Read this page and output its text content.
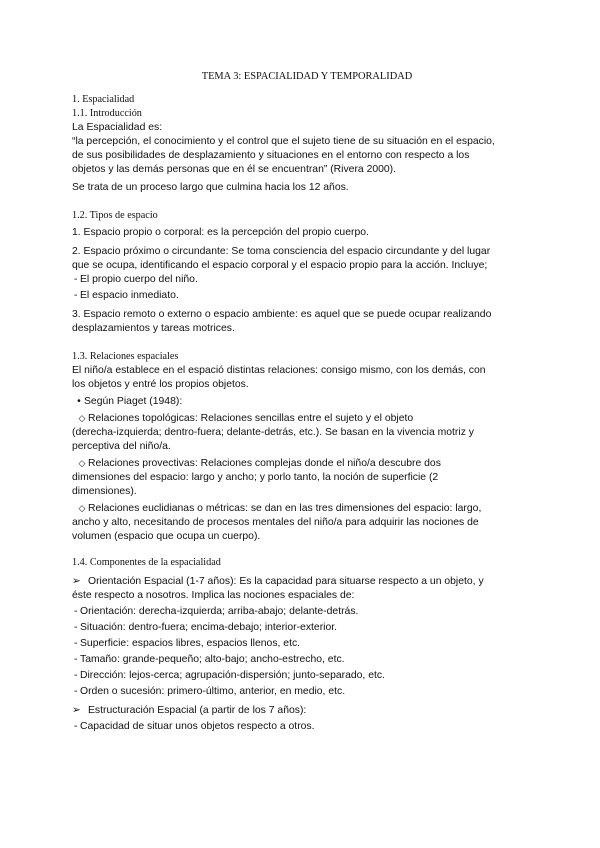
TEMA 3: ESPACIALIDAD Y TEMPORALIDAD

1. Espacialidad

1.1. Introducción

La Espacialidad es:

“la percepción, el conocimiento y el control que el sujeto tiene de su situación en el espacio,

de sus posibilidades de desplazamiento y situaciones en el entorno con respecto a los

objetos y las demás personas que en él se encuentran” (Rivera 2000).

Se trata de un proceso largo que culmina hacia los 12 años.

1.2. Tipos de espacio

1. Espacio propio o corporal: es la percepción del propio cuerpo.

2. Espacio próximo o circundante: Se toma consciencia del espacio circundante y del lugar

que se ocupa, identificando el espacio corporal y el espacio propio para la acción. Incluye;

- El propio cuerpo del niño.

- El espacio inmediato.

3. Espacio remoto o externo o espacio ambiente: es aquel que se puede ocupar realizando

desplazamientos y tareas motrices.

1.3. Relaciones espaciales

El niño/a establece en el espació distintas relaciones: consigo mismo, con los demás, con

los objetos y entré los propios objetos.

• Según Piaget (1948):

◇ Relaciones topológicas: Relaciones sencillas entre el sujeto y el objeto

(derecha-izquierda; dentro-fuera; delante-detrás, etc.). Se basan en la vivencia motriz y

perceptiva del niño/a.

◇ Relaciones provectivas: Relaciones complejas donde el niño/a descubre dos

dimensiones del espacio: largo y ancho; y porlo tanto, la noción de superficie (2

dimensiones).

◇ Relaciones euclidianas o métricas: se dan en las tres dimensiones del espacio: largo,

ancho y alto, necesitando de procesos mentales del niño/a para adquirir las nociones de

volumen (espacio que ocupa un cuerpo).

1.4. Componentes de la espacialidad

➢ Orientación Espacial (1-7 años): Es la capacidad para situarse respecto a un objeto, y

éste respecto a nosotros. Implica las nociones espaciales de:

- Orientación: derecha-izquierda; arriba-abajo; delante-detrás.

- Situación: dentro-fuera; encima-debajo; interior-exterior.

- Superficie: espacios libres, espacios llenos, etc.

- Tamaño: grande-pequeño; alto-bajo; ancho-estrecho, etc.

- Dirección: lejos-cerca; agrupación-dispersión; junto-separado, etc.

- Orden o sucesión: primero-último, anterior, en medio, etc.

➢ Estructuración Espacial (a partir de los 7 años):

- Capacidad de situar unos objetos respecto a otros.
